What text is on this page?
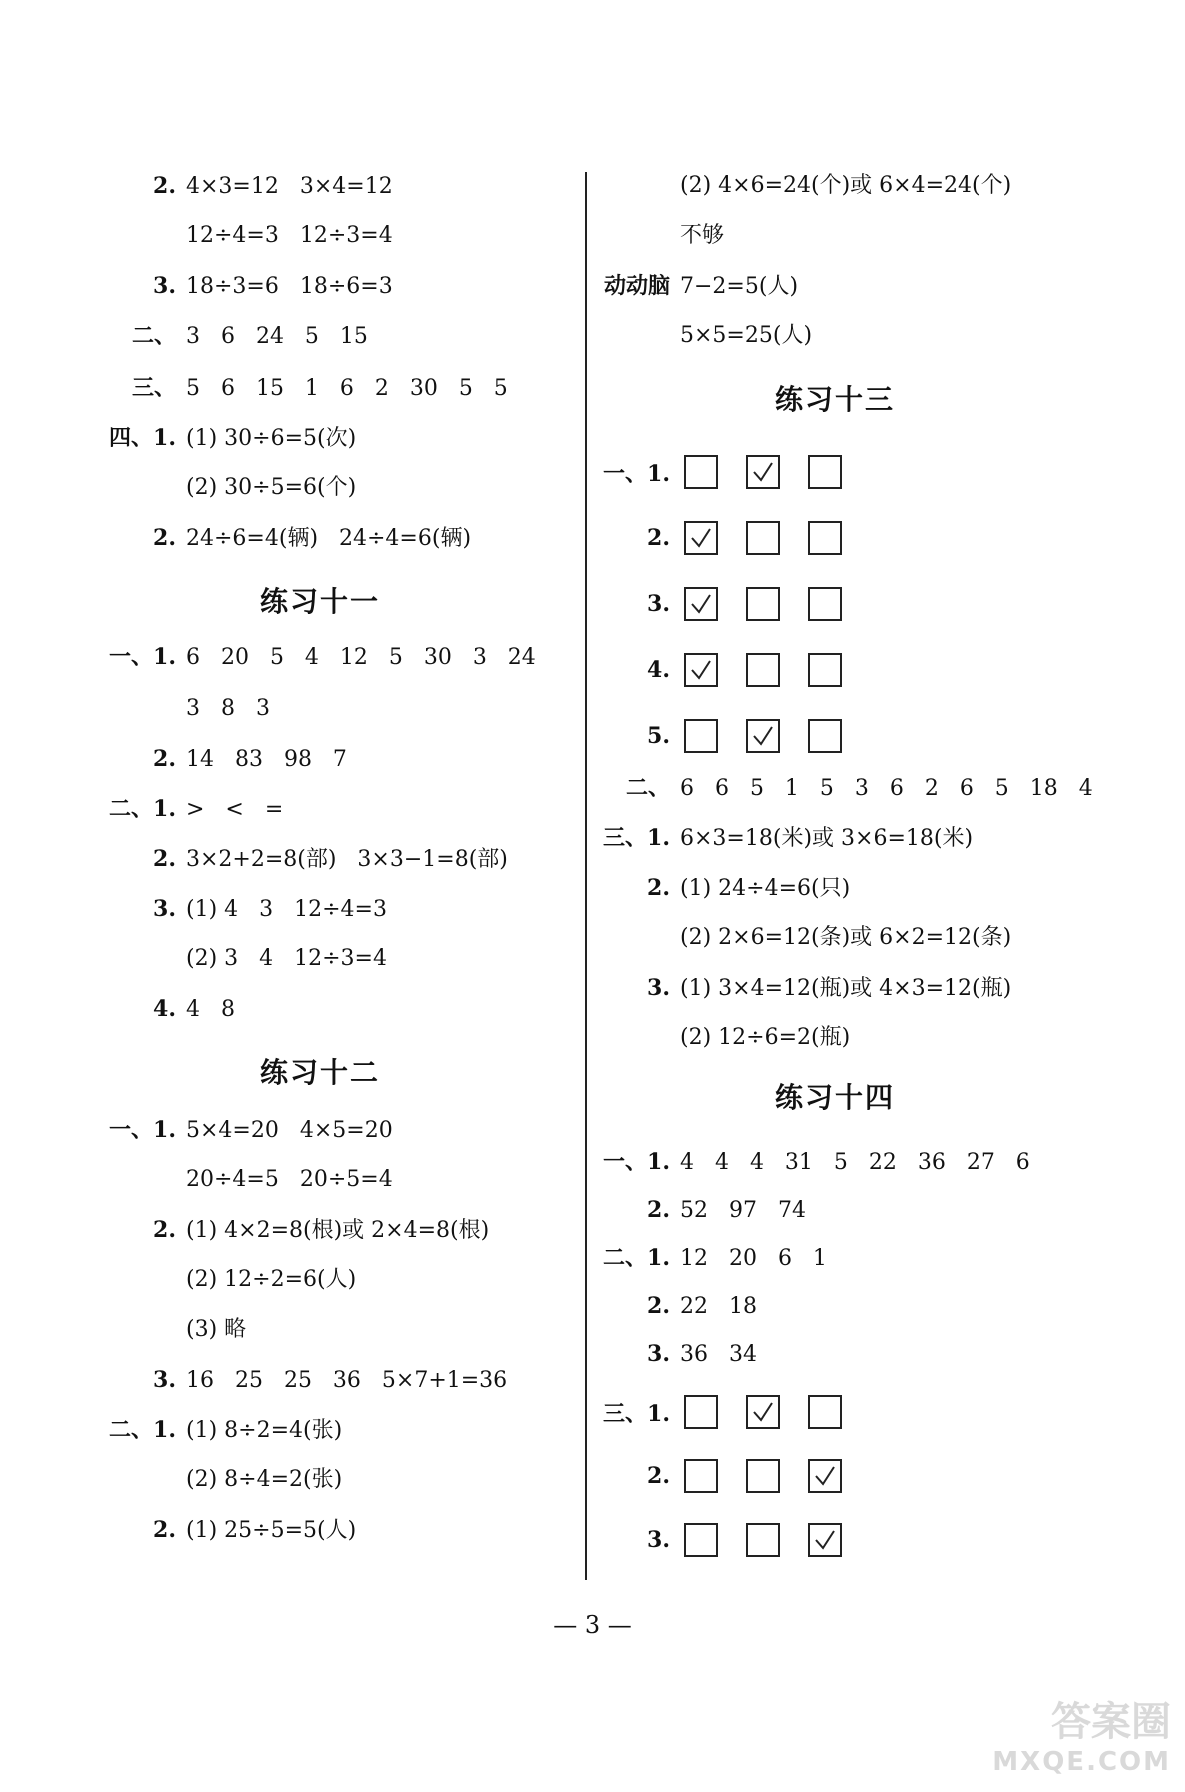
2. 4×3=12   3×4=12
12÷4=3   12÷3=4
3. 18÷3=6   18÷6=3
二、 3   6   24   5   15
三、 5   6   15   1   6   2   30   5   5
四、1. (1) 30÷6=5(次)
(2) 30÷5=6(个)
2. 24÷6=4(辆)   24÷4=6(辆)
练习十一
一、1. 6   20   5   4   12   5   30   3   24
3   8   3
2. 14   83   98   7
二、1. >   <   =
2. 3×2+2=8(部)   3×3−1=8(部)
3. (1) 4   3   12÷4=3
(2) 3   4   12÷3=4
4. 4   8
练习十二
一、1. 5×4=20   4×5=20
20÷4=5   20÷5=4
2. (1) 4×2=8(根)或 2×4=8(根)
(2) 12÷2=6(人)
(3) 略
3. 16   25   25   36   5×7+1=36
二、1. (1) 8÷2=4(张)
(2) 8÷4=2(张)
2. (1) 25÷5=5(人)
(2) 4×6=24(个)或 6×4=24(个)
不够
动动脑 7−2=5(人)
5×5=25(人)
练习十三
一、1.
2.
3.
4.
5.
二、 6   6   5   1   5   3   6   2   6   5   18   4
三、1. 6×3=18(米)或 3×6=18(米)
2. (1) 24÷4=6(只)
(2) 2×6=12(条)或 6×2=12(条)
3. (1) 3×4=12(瓶)或 4×3=12(瓶)
(2) 12÷6=2(瓶)
练习十四
一、1. 4   4   4   31   5   22   36   27   6
2. 52   97   74
二、1. 12   20   6   1
2. 22   18
3. 36   34
三、1.
2.
3.
— 3 —
答案圈
MXQE.COM
